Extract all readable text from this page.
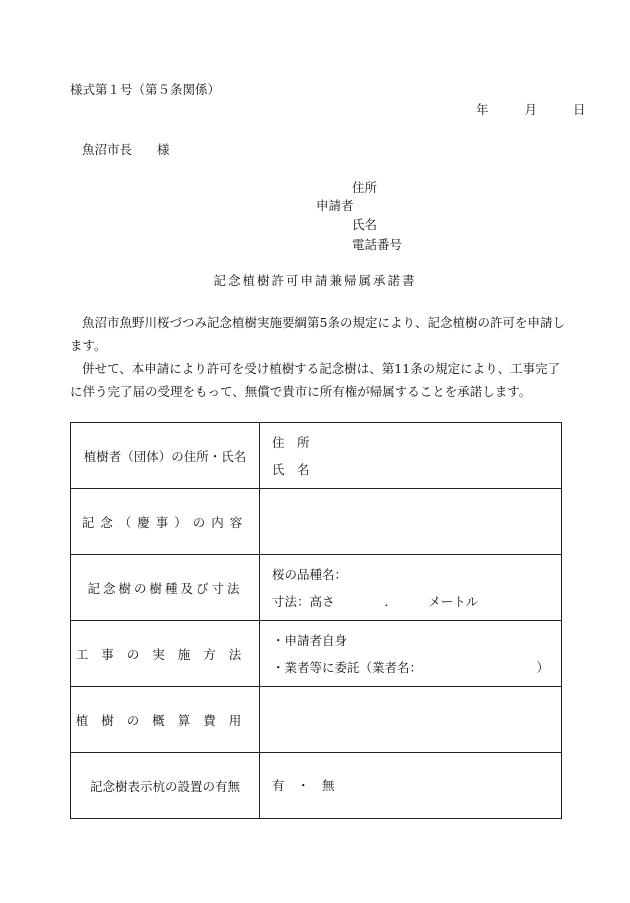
様式第１号（第５条関係）
年	月	日
魚沼市長　　様
住所
申請者
氏名
電話番号
記念植樹許可申請兼帰属承諾書
魚沼市魚野川桜づつみ記念植樹実施要綱第5条の規定により、記念植樹の許可を申請します。
併せて、本申請により許可を受け植樹する記念樹は、第11条の規定により、工事完了に伴う完了届の受理をもって、無償で貴市に所有権が帰属することを承諾します。
植樹者（団体）の住所・氏名	住　所
氏　名

記念（慶事）の内容	
記念樹の樹種及び寸法	桜の品種名：
寸法：高さ　　　　．　　　メートル

工事の実施方法	・申請者自身
・業者等に委託（業者名： ）

植樹の概算費用	
記念樹表示杭の設置の有無	有　・　無
